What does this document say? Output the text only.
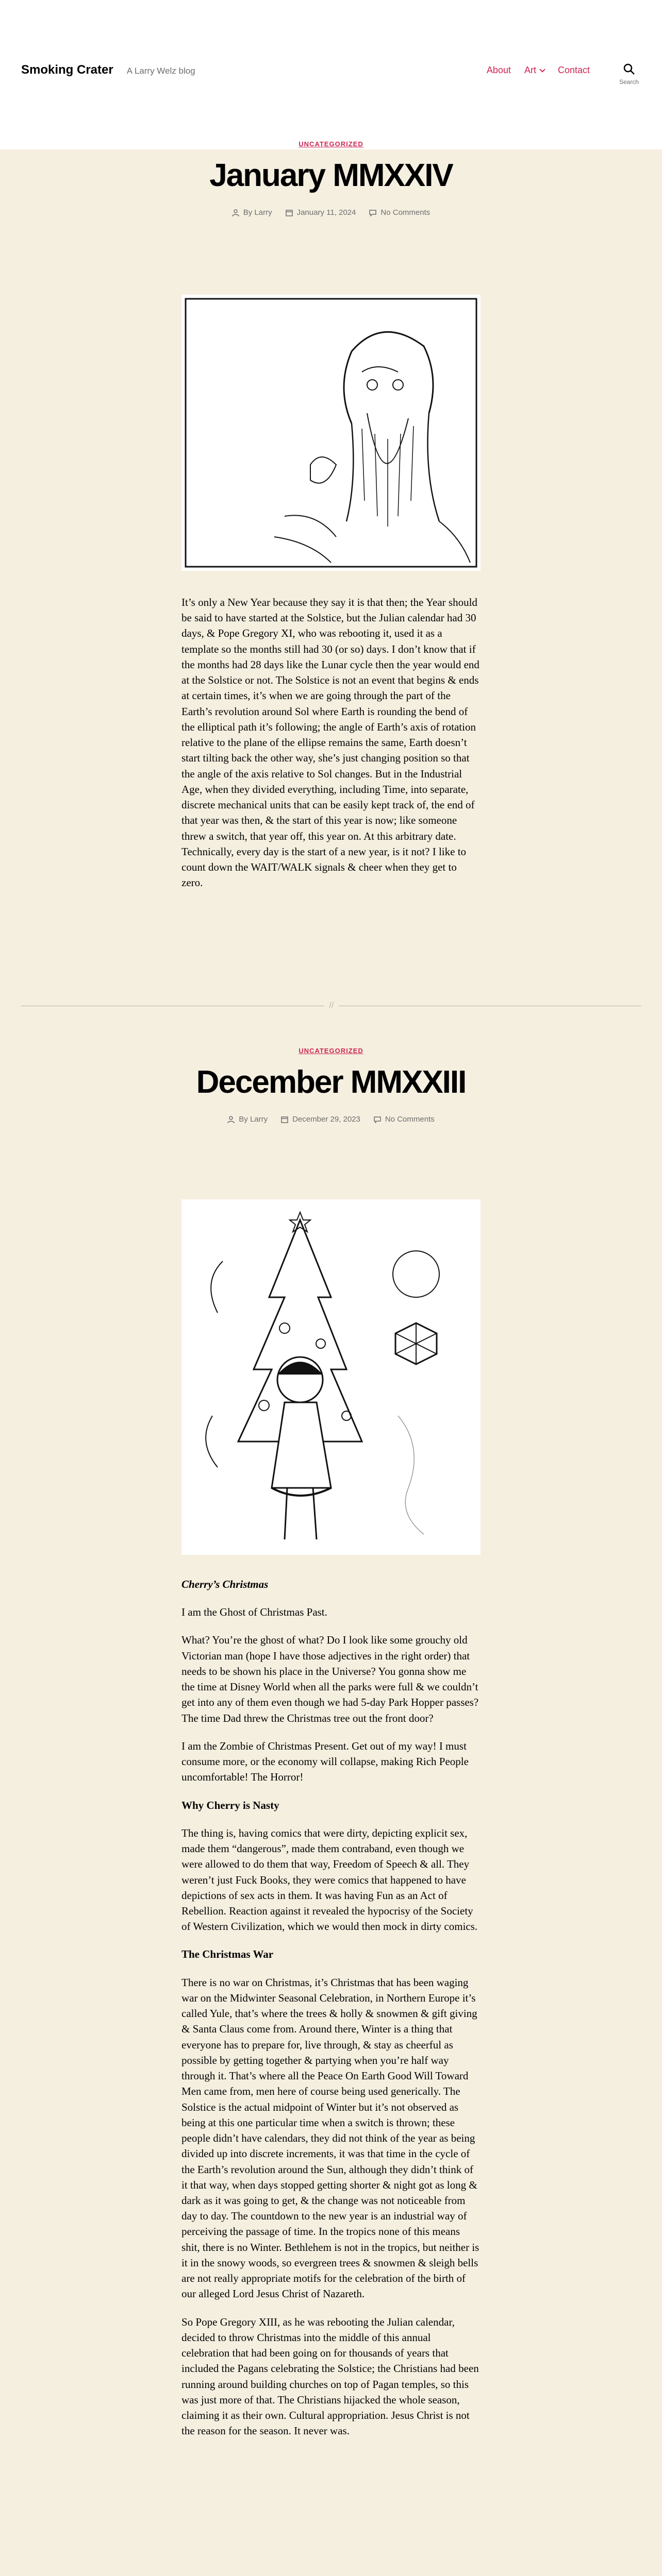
Smoking Crater A Larry Welz blog	About Art	Contact
Search
UNCATEGORIZED
January MMXXIV
By Larry	January 11, 2024	No Comments

It’s only a New Year because they say it is that then; the Year should be said to have started at the Solstice, but the Julian calendar had 30 days, & Pope Gregory XI, who was rebooting it, used it as a template so the months still had 30 (or so) days. I don’t know that if the months had 28 days like the Lunar cycle then the year would end at the Solstice or not. The Solstice is not an event that begins & ends at certain times, it’s when we are going through the part of the Earth’s revolution around Sol where Earth is rounding the bend of the elliptical path it’s following; the angle of Earth’s axis of rotation relative to the plane of the ellipse remains the same, Earth doesn’t start tilting back the other way, she’s just changing position so that the angle of the axis relative to Sol changes. But in the Industrial Age, when they divided everything, including Time, into separate, discrete mechanical units that can be easily kept track of, the end of that year was then, & the start of this year is now; like someone threw a switch, that year off, this year on. At this arbitrary date. Technically, every day is the start of a new year, is it not? I like to count down the WAIT/WALK signals & cheer when they get to zero.

//
UNCATEGORIZED
December MMXXIII
By Larry	December 29, 2023	No Comments
Cherry’s Christmas

I am the Ghost of Christmas Past.

What? You’re the ghost of what? Do I look like some grouchy old Victorian man (hope I have those adjectives in the right order) that needs to be shown his place in the Universe? You gonna show me the time at Disney World when all the parks were full & we couldn’t get into any of them even though we had 5-day Park Hopper passes? The time Dad threw the Christmas tree out the front door?

I am the Zombie of Christmas Present. Get out of my way! I must consume more, or the economy will collapse, making Rich People uncomfortable! The Horror!

Why Cherry is Nasty

The thing is, having comics that were dirty, depicting explicit sex, made them “dangerous”, made them contraband, even though we were allowed to do them that way, Freedom of Speech & all. They weren’t just Fuck Books, they were comics that happened to have depictions of sex acts in them. It was having Fun as an Act of Rebellion. Reaction against it revealed the hypocrisy of the Society of Western Civilization, which we would then mock in dirty comics.

The Christmas War

There is no war on Christmas, it’s Christmas that has been waging war on the Midwinter Seasonal Celebration, in Northern Europe it’s called Yule, that’s where the trees & holly & snowmen & gift giving & Santa Claus come from. Around there, Winter is a thing that everyone has to prepare for, live through, & stay as cheerful as possible by getting together & partying when you’re half way through it. That’s where all the Peace On Earth Good Will Toward Men came from, men here of course being used generically. The Solstice is the actual midpoint of Winter but it’s not observed as being at this one particular time when a switch is thrown; these people didn’t have calendars, they did not think of the year as being divided up into discrete increments, it was that time in the cycle of the Earth’s revolution around the Sun, although they didn’t think of it that way, when days stopped getting shorter & night got as long & dark as it was going to get, & the change was not noticeable from day to day. The countdown to the new year is an industrial way of perceiving the passage of time. In the tropics none of this means shit, there is no Winter. Bethlehem is not in the tropics, but neither is it in the snowy woods, so evergreen trees & snowmen & sleigh bells are not really appropriate motifs for the celebration of the birth of our alleged Lord Jesus Christ of Nazareth.

So Pope Gregory XIII, as he was rebooting the Julian calendar, decided to throw Christmas into the middle of this annual celebration that had been going on for thousands of years that included the Pagans celebrating the Solstice; the Christians had been running around building churches on top of Pagan temples, so this was just more of that. The Christians hijacked the whole season, claiming it as their own. Cultural appropriation. Jesus Christ is not the reason for the season. It never was.
